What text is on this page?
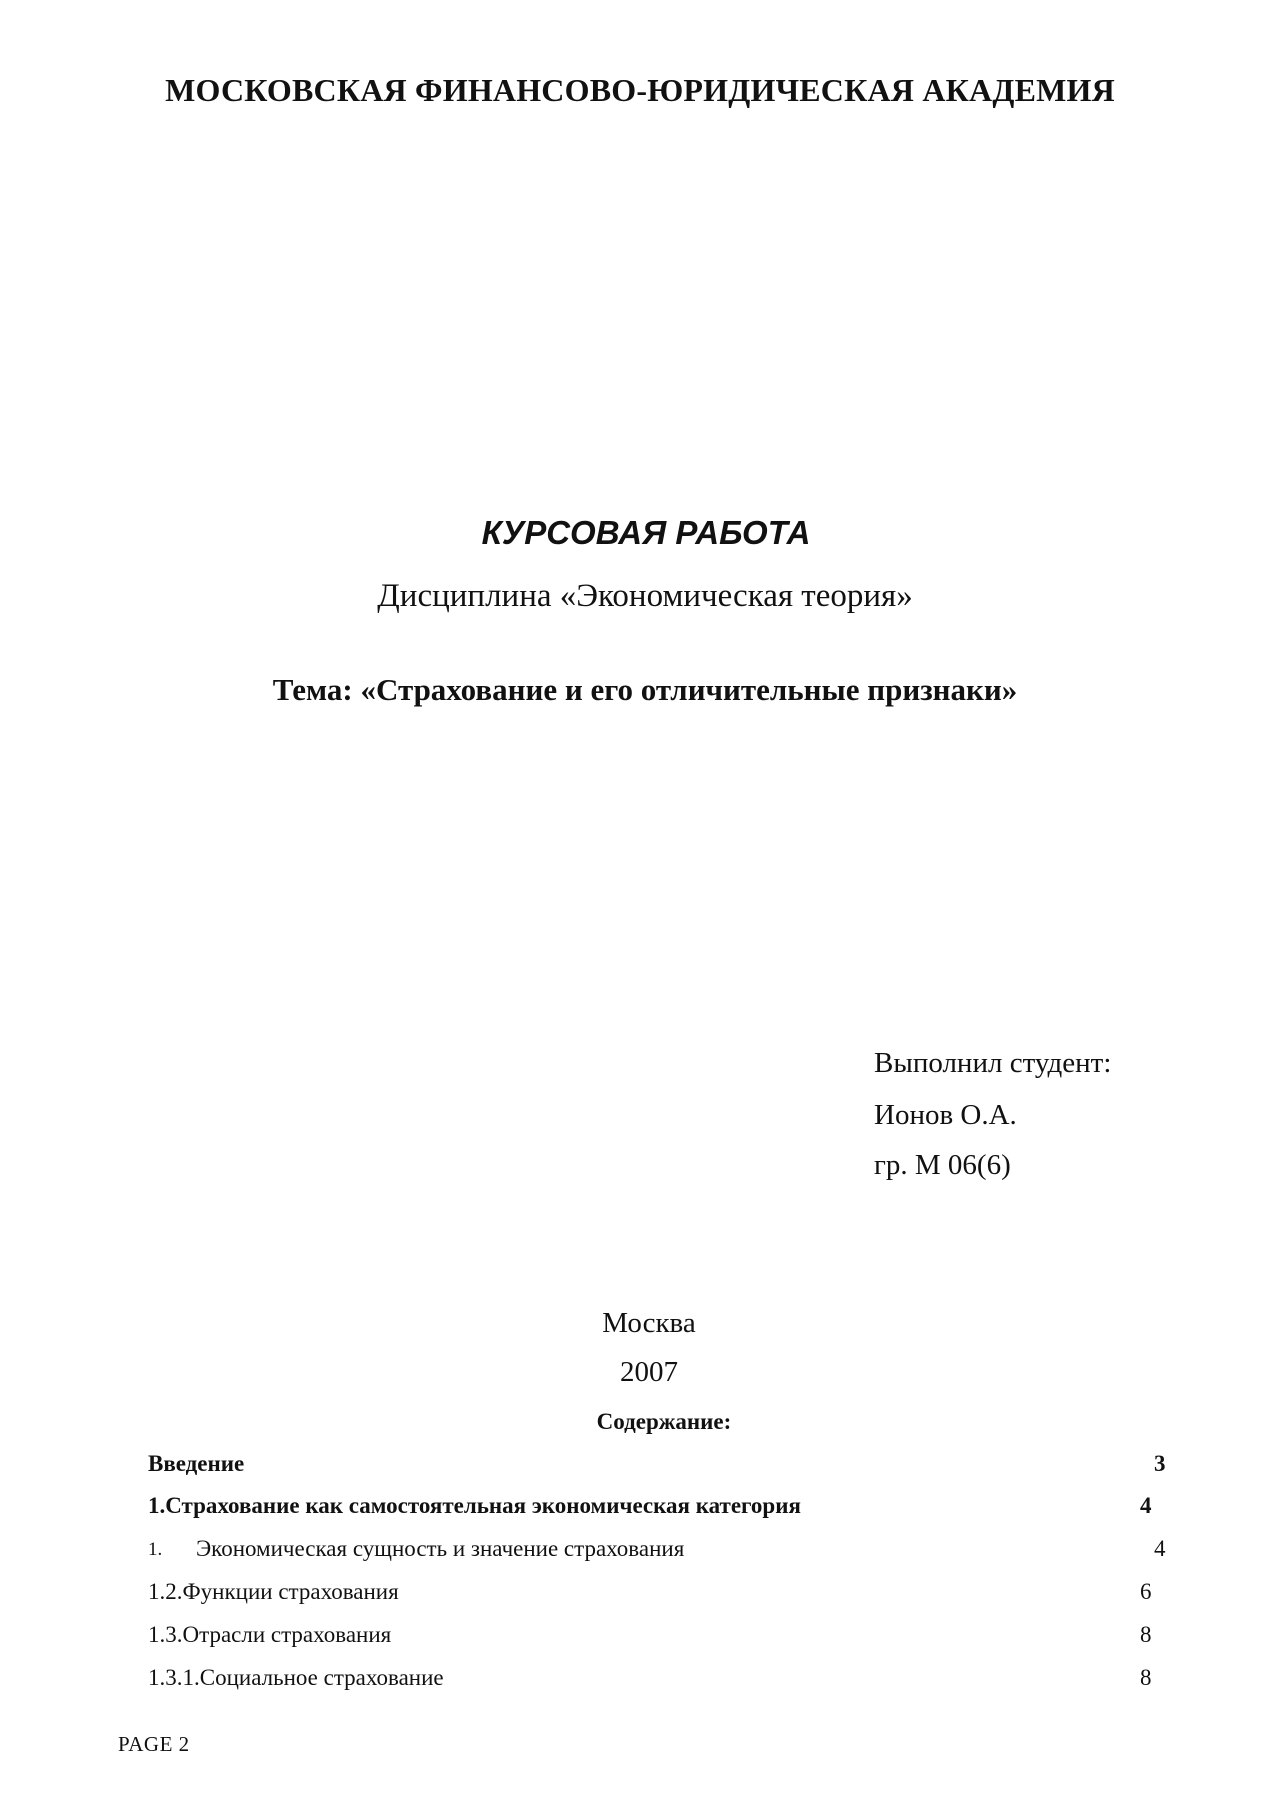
МОСКОВСКАЯ ФИНАНСОВО-ЮРИДИЧЕСКАЯ АКАДЕМИЯ
КУРСОВАЯ РАБОТА
Дисциплина «Экономическая теория»
Тема: «Страхование и его отличительные признаки»
Выполнил студент:
Ионов О.А.
гр. М 06(6)
Москва
2007
Содержание:
Введение	3
1.Страхование как самостоятельная экономическая категория	4
1. Экономическая сущность и значение страхования	4
1.2.Функции страхования	6
1.3.Отрасли страхования	8
1.3.1.Социальное страхование	8
PAGE 2
